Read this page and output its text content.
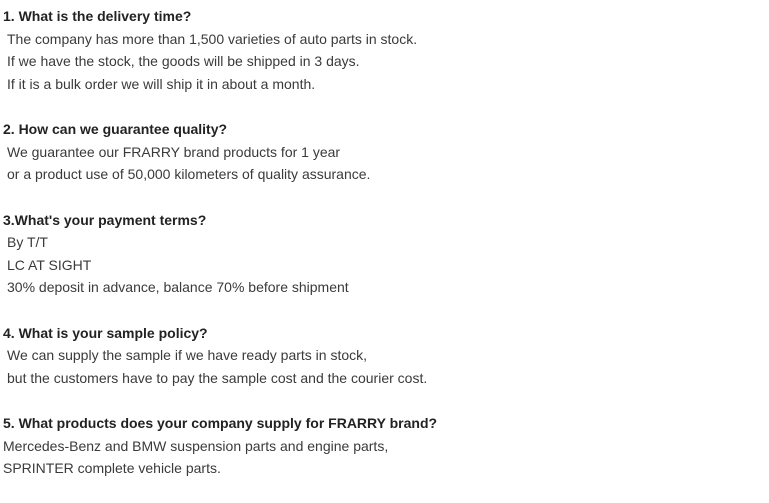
1. What is the delivery time?
The company has more than 1,500 varieties of auto parts in stock.
If we have the stock, the goods will be shipped in 3 days.
If it is a bulk order we will ship it in about a month.
2. How can we guarantee quality?
We guarantee our FRARRY brand products for 1 year
or a product use of 50,000 kilometers of quality assurance.
3.What's your payment terms?
By T/T
LC AT SIGHT
30% deposit in advance, balance 70% before shipment
4. What is your sample policy?
We can supply the sample if we have ready parts in stock,
but the customers have to pay the sample cost and the courier cost.
5. What products does your company supply for FRARRY brand?
Mercedes-Benz and BMW suspension parts and engine parts,
SPRINTER complete vehicle parts.
